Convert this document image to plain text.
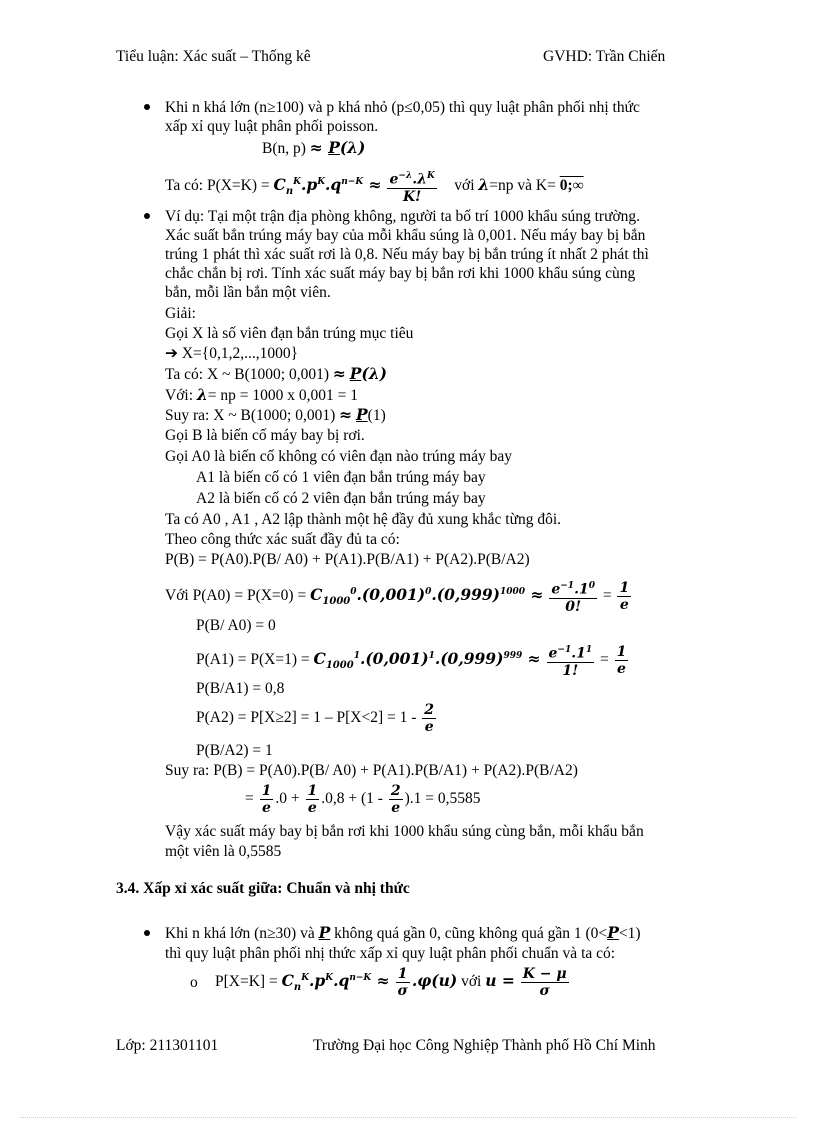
Tiểu luận: Xác suất – Thống kê	GVHD: Trần Chiến
Khi n khá lớn (n≥100) và p khá nhỏ (p≤0,05) thì quy luật phân phối nhị thức
xấp xỉ quy luật phân phối poisson.
B(n, p) ≈ P(λ)
Ta có: $P(X=K) = C_n^K.p^K.q^{n-K} \approx \frac{e^{-\lambda}.\lambda^K}{K!}$ với λ=np và K= 0;∞
Ví dụ: Tại một trận địa phòng không, người ta bố trí 1000 khẩu súng trường.
Xác suất bắn trúng máy bay của mỗi khẩu súng là 0,001. Nếu máy bay bị bắn
trúng 1 phát thì xác suất rơi là 0,8. Nếu máy bay bị bắn trúng ít nhất 2 phát thì
chắc chắn bị rơi. Tính xác suất máy bay bị bắn rơi khi 1000 khẩu súng cùng
bắn, mỗi lần bắn một viên.
Giải:
Gọi X là số viên đạn bắn trúng mục tiêu
➔ X={0,1,2,...,1000}
Ta có: X ~ B(1000; 0,001) ≈ P(λ)
Với: λ= np = 1000 x 0,001 = 1
Suy ra: X ~ B(1000; 0,001) ≈ P(1)
Gọi B là biến cố máy bay bị rơi.
Gọi A0 là biến cố không có viên đạn nào trúng máy bay
A1 là biến cố có 1 viên đạn bắn trúng máy bay
A2 là biến cố có 2 viên đạn bắn trúng máy bay
Ta có A0 , A1 , A2 lập thành một hệ đầy đủ xung khắc từng đôi.
Theo công thức xác suất đầy đủ ta có:
P(B) = P(A0).P(B/ A0) + P(A1).P(B/A1) + P(A2).P(B/A2)
Với $P(A0) = P(X=0) = C_{1000}^0.(0,001)^0.(0,999)^{1000} \approx \frac{e^{-1}.1^0}{0!} = \frac{1}{e}$
P(B/ A0) = 0
$P(A1) = P(X=1) = C_{1000}^1.(0,001)^1.(0,999)^{999} \approx \frac{e^{-1}.1^1}{1!} = \frac{1}{e}$
P(B/A1) = 0,8
$P(A2) = P[X\ge 2] = 1 - P[X<2] = 1 - \frac{2}{e}$
P(B/A2) = 1
Suy ra: P(B) = P(A0).P(B/ A0) + P(A1).P(B/A1) + P(A2).P(B/A2)
= $\frac{1}{e} .0 + \frac{1}{e} .0,8 + (1 - \frac{2}{e} ).1 = 0,5585$
Vậy xác suất máy bay bị bắn rơi khi 1000 khẩu súng cùng bắn, mỗi khẩu bắn
một viên là 0,5585
3.4. Xấp xỉ xác suất giữa: Chuẩn và nhị thức
Khi n khá lớn (n≥30) và P không quá gần 0, cũng không quá gần 1 (0<P<1)
thì quy luật phân phối nhị thức xấp xỉ quy luật phân phối chuẩn và ta có:
o $P[X=K] = C_n^K.p^K.q^{n-K} \approx \frac{1}{\sigma} .\varphi(u)$ với $u = \frac{K - \mu}{\sigma}$
Lớp: 211301101	Trường Đại học Công Nghiệp Thành phố Hồ Chí Minh
